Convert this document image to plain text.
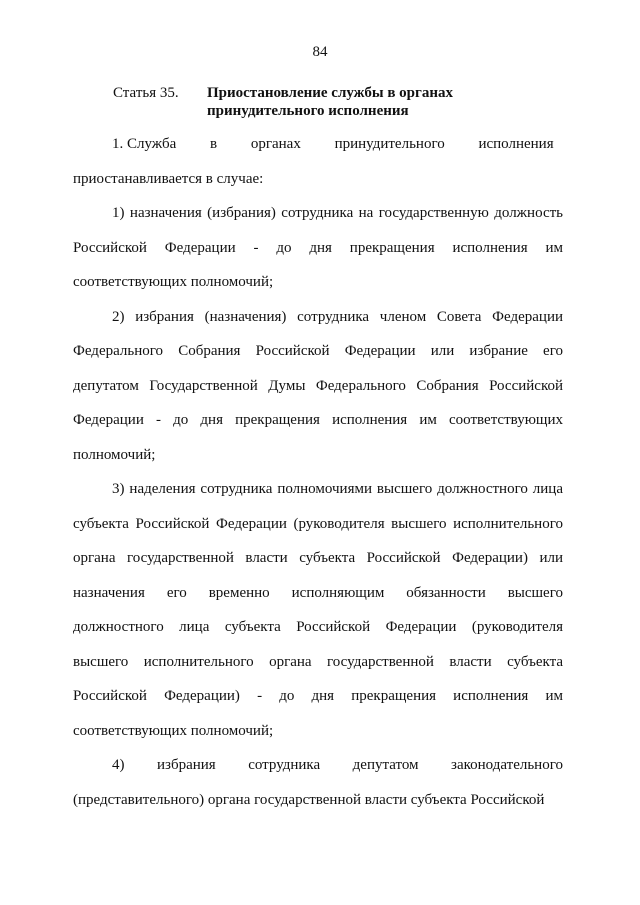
84
Статья 35. Приостановление службы в органах
принудительного исполнения

1. Служба         в         органах         принудительного         исполнения
приостанавливается в случае:

1) назначения (избрания) сотрудника на государственную должность Российской Федерации - до дня прекращения исполнения им соответствующих полномочий;

2) избрания (назначения) сотрудника членом Совета Федерации Федерального Собрания Российской Федерации или избрание его депутатом Государственной Думы Федерального Собрания Российской Федерации - до дня прекращения исполнения им соответствующих полномочий;

3) наделения сотрудника полномочиями высшего должностного лица субъекта Российской Федерации (руководителя высшего исполнительного органа государственной власти субъекта Российской Федерации) или назначения его временно исполняющим обязанности высшего должностного лица субъекта Российской Федерации (руководителя высшего исполнительного органа государственной власти субъекта Российской Федерации) - до дня прекращения исполнения им соответствующих полномочий;

4) избрания сотрудника депутатом законодательного (представительного) органа государственной власти субъекта Российской
